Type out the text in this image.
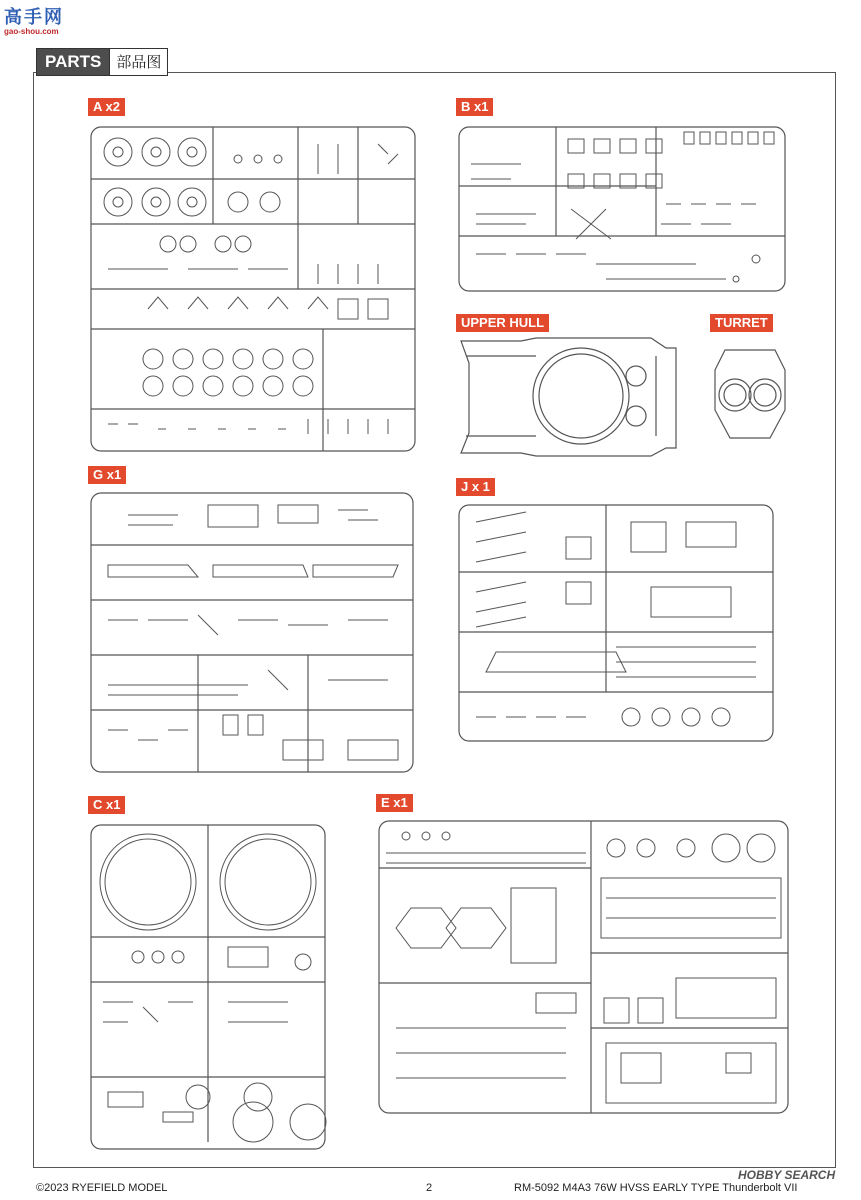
高手网
gao-shou.com
PARTS	部品图
A x2	B x1
UPPER HULL	TURRET
G x1
J x 1
C x1	E x1
HOBBY SEARCH
©2023 RYEFIELD MODEL	2	RM-5092 M4A3 76W HVSS EARLY TYPE Thunderbolt VII
